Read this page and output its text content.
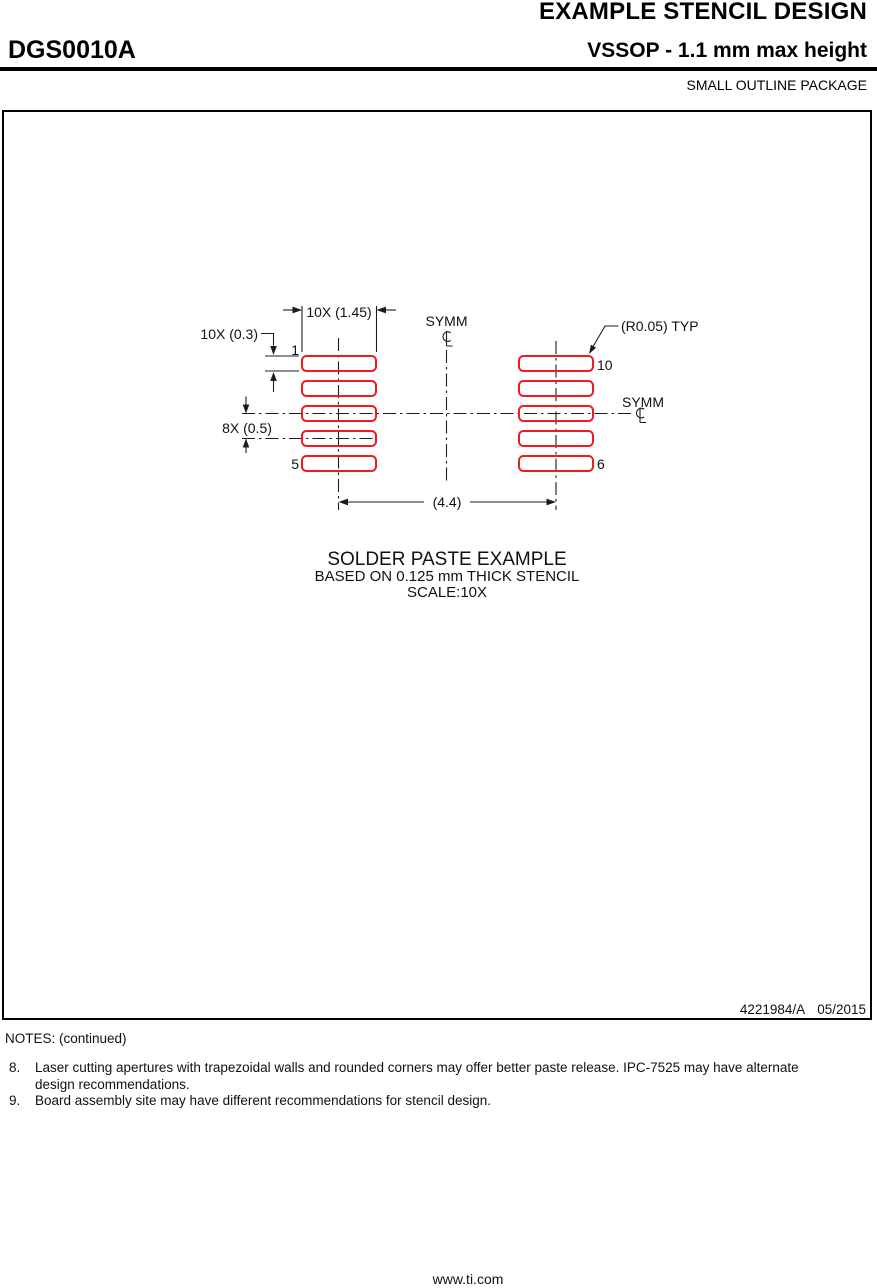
EXAMPLE STENCIL DESIGN
DGS0010A	VSSOP - 1.1 mm max height
SMALL OUTLINE PACKAGE
4221984/A 05/2015
10X (1.45)
10X (0.3)
8X (0.5)
(4.4)
(R0.05) TYP
SYMM
SYMM
1
5
10
6
SOLDER PASTE EXAMPLE
BASED ON 0.125 mm THICK STENCIL
SCALE:10X
NOTES: (continued)
8.	Laser cutting apertures with trapezoidal walls and rounded corners may offer better paste release. IPC-7525 may have alternate design recommendations.
9.	Board assembly site may have different recommendations for stencil design.
www.ti.com
